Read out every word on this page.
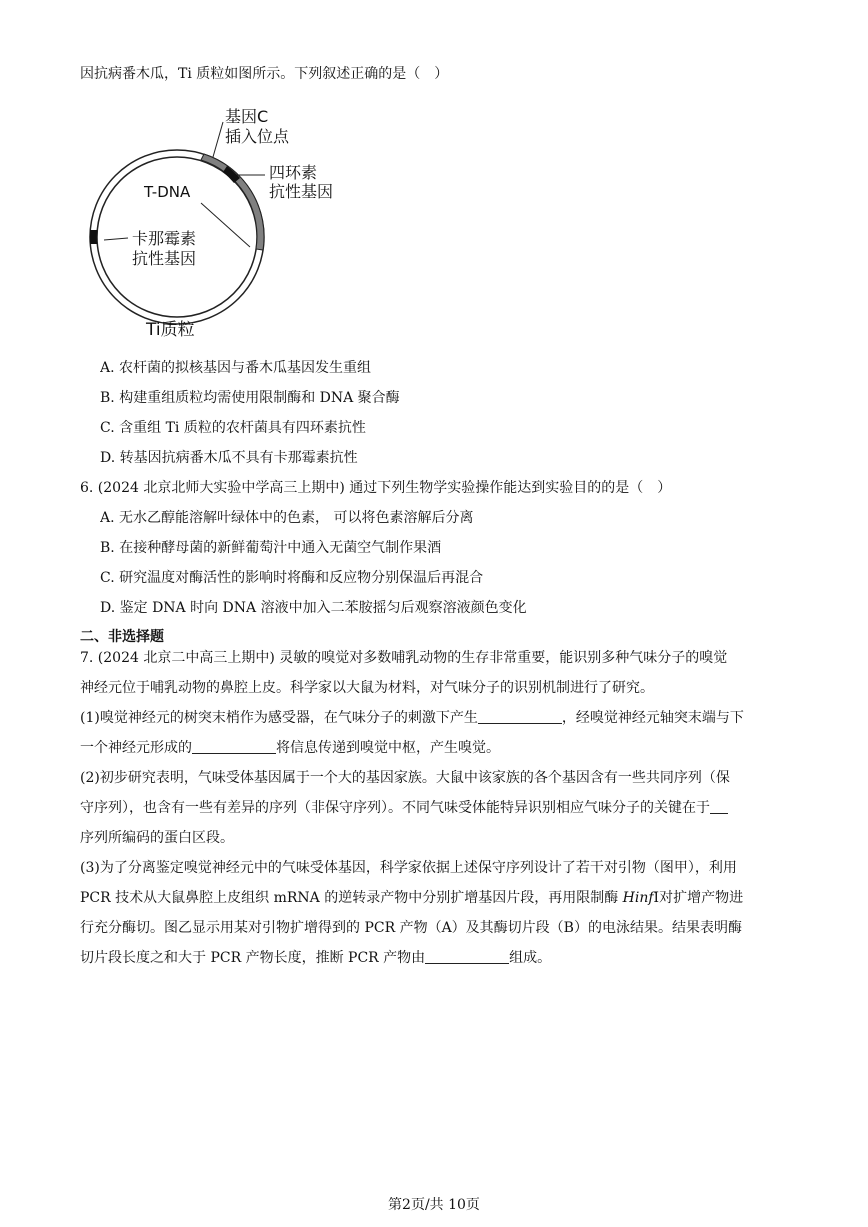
因抗病番木瓜，Ti 质粒如图所示。下列叙述正确的是（　）
基因C
插入位点
四环素
抗性基因
T-DNA
卡那霉素
抗性基因
Ti质粒
A. 农杆菌的拟核基因与番木瓜基因发生重组
B. 构建重组质粒均需使用限制酶和 DNA 聚合酶
C. 含重组 Ti 质粒的农杆菌具有四环素抗性
D. 转基因抗病番木瓜不具有卡那霉素抗性
6. (2024 北京北师大实验中学高三上期中) 通过下列生物学实验操作能达到实验目的的是（　）
A. 无水乙醇能溶解叶绿体中的色素， 可以将色素溶解后分离
B. 在接种酵母菌的新鲜葡萄汁中通入无菌空气制作果酒
C. 研究温度对酶活性的影响时将酶和反应物分别保温后再混合
D. 鉴定 DNA 时向 DNA 溶液中加入二苯胺摇匀后观察溶液颜色变化
二、非选择题
7. (2024 北京二中高三上期中) 灵敏的嗅觉对多数哺乳动物的生存非常重要，能识别多种气味分子的嗅觉
神经元位于哺乳动物的鼻腔上皮。科学家以大鼠为材料，对气味分子的识别机制进行了研究。
(1)嗅觉神经元的树突末梢作为感受器，在气味分子的刺激下产生	，经嗅觉神经元轴突末端与下
一个神经元形成的	将信息传递到嗅觉中枢，产生嗅觉。
(2)初步研究表明，气味受体基因属于一个大的基因家族。大鼠中该家族的各个基因含有一些共同序列（保
守序列），也含有一些有差异的序列（非保守序列）。不同气味受体能特异识别相应气味分子的关键在于
序列所编码的蛋白区段。
(3)为了分离鉴定嗅觉神经元中的气味受体基因，科学家依据上述保守序列设计了若干对引物（图甲），利用
PCR 技术从大鼠鼻腔上皮组织 mRNA 的逆转录产物中分别扩增基因片段，再用限制酶 HinfⅠ对扩增产物进
行充分酶切。图乙显示用某对引物扩增得到的 PCR 产物（A）及其酶切片段（B）的电泳结果。结果表明酶
切片段长度之和大于 PCR 产物长度，推断 PCR 产物由	组成。
第2页/共 10页
